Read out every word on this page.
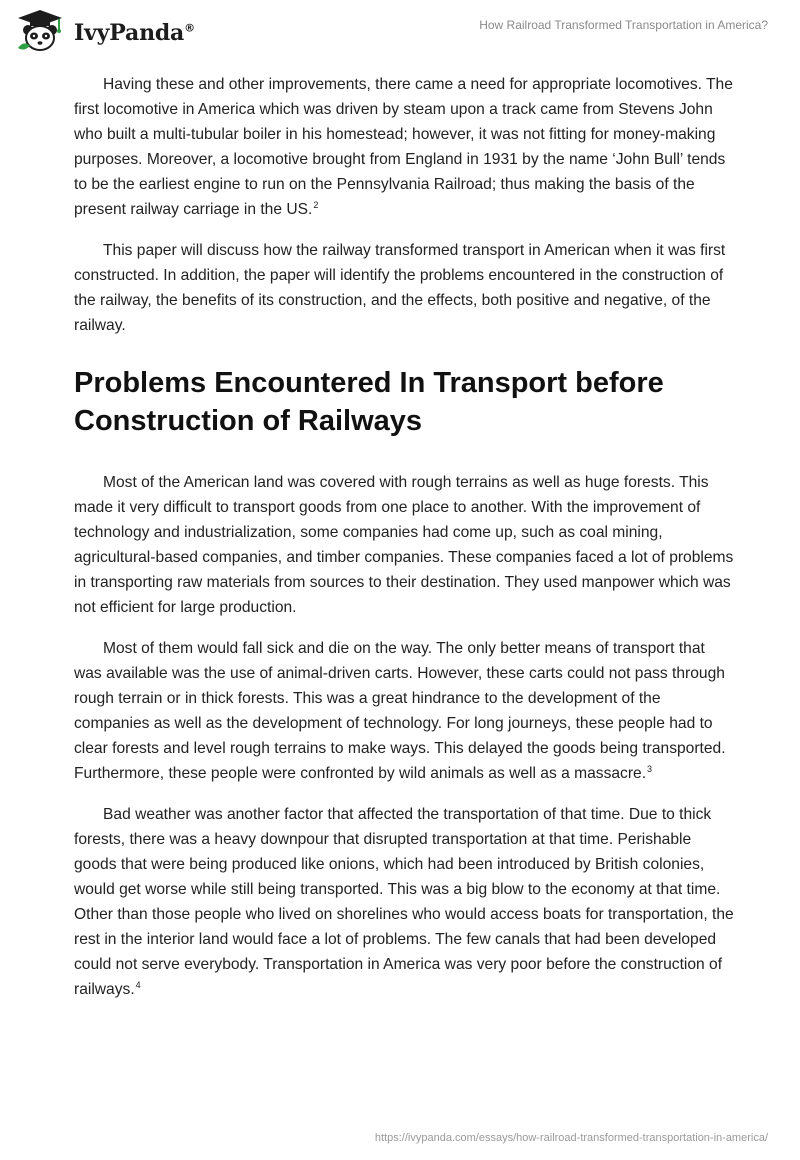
IvyPanda®	How Railroad Transformed Transportation in America?

Having these and other improvements, there came a need for appropriate locomotives. The first locomotive in America which was driven by steam upon a track came from Stevens John who built a multi-tubular boiler in his homestead; however, it was not fitting for money-making purposes. Moreover, a locomotive brought from England in 1931 by the name ‘John Bull’ tends to be the earliest engine to run on the Pennsylvania Railroad; thus making the basis of the present railway carriage in the US.$^2$

This paper will discuss how the railway transformed transport in American when it was first constructed. In addition, the paper will identify the problems encountered in the construction of the railway, the benefits of its construction, and the effects, both positive and negative, of the railway.

Problems Encountered In Transport before Construction of Railways

Most of the American land was covered with rough terrains as well as huge forests. This made it very difficult to transport goods from one place to another. With the improvement of technology and industrialization, some companies had come up, such as coal mining, agricultural-based companies, and timber companies. These companies faced a lot of problems in transporting raw materials from sources to their destination. They used manpower which was not efficient for large production.

Most of them would fall sick and die on the way. The only better means of transport that was available was the use of animal-driven carts. However, these carts could not pass through rough terrain or in thick forests. This was a great hindrance to the development of the companies as well as the development of technology. For long journeys, these people had to clear forests and level rough terrains to make ways. This delayed the goods being transported. Furthermore, these people were confronted by wild animals as well as a massacre.$^3$

Bad weather was another factor that affected the transportation of that time. Due to thick forests, there was a heavy downpour that disrupted transportation at that time. Perishable goods that were being produced like onions, which had been introduced by British colonies, would get worse while still being transported. This was a big blow to the economy at that time. Other than those people who lived on shorelines who would access boats for transportation, the rest in the interior land would face a lot of problems. The few canals that had been developed could not serve everybody. Transportation in America was very poor before the construction of railways.$^4$

https://ivypanda.com/essays/how-railroad-transformed-transportation-in-america/
